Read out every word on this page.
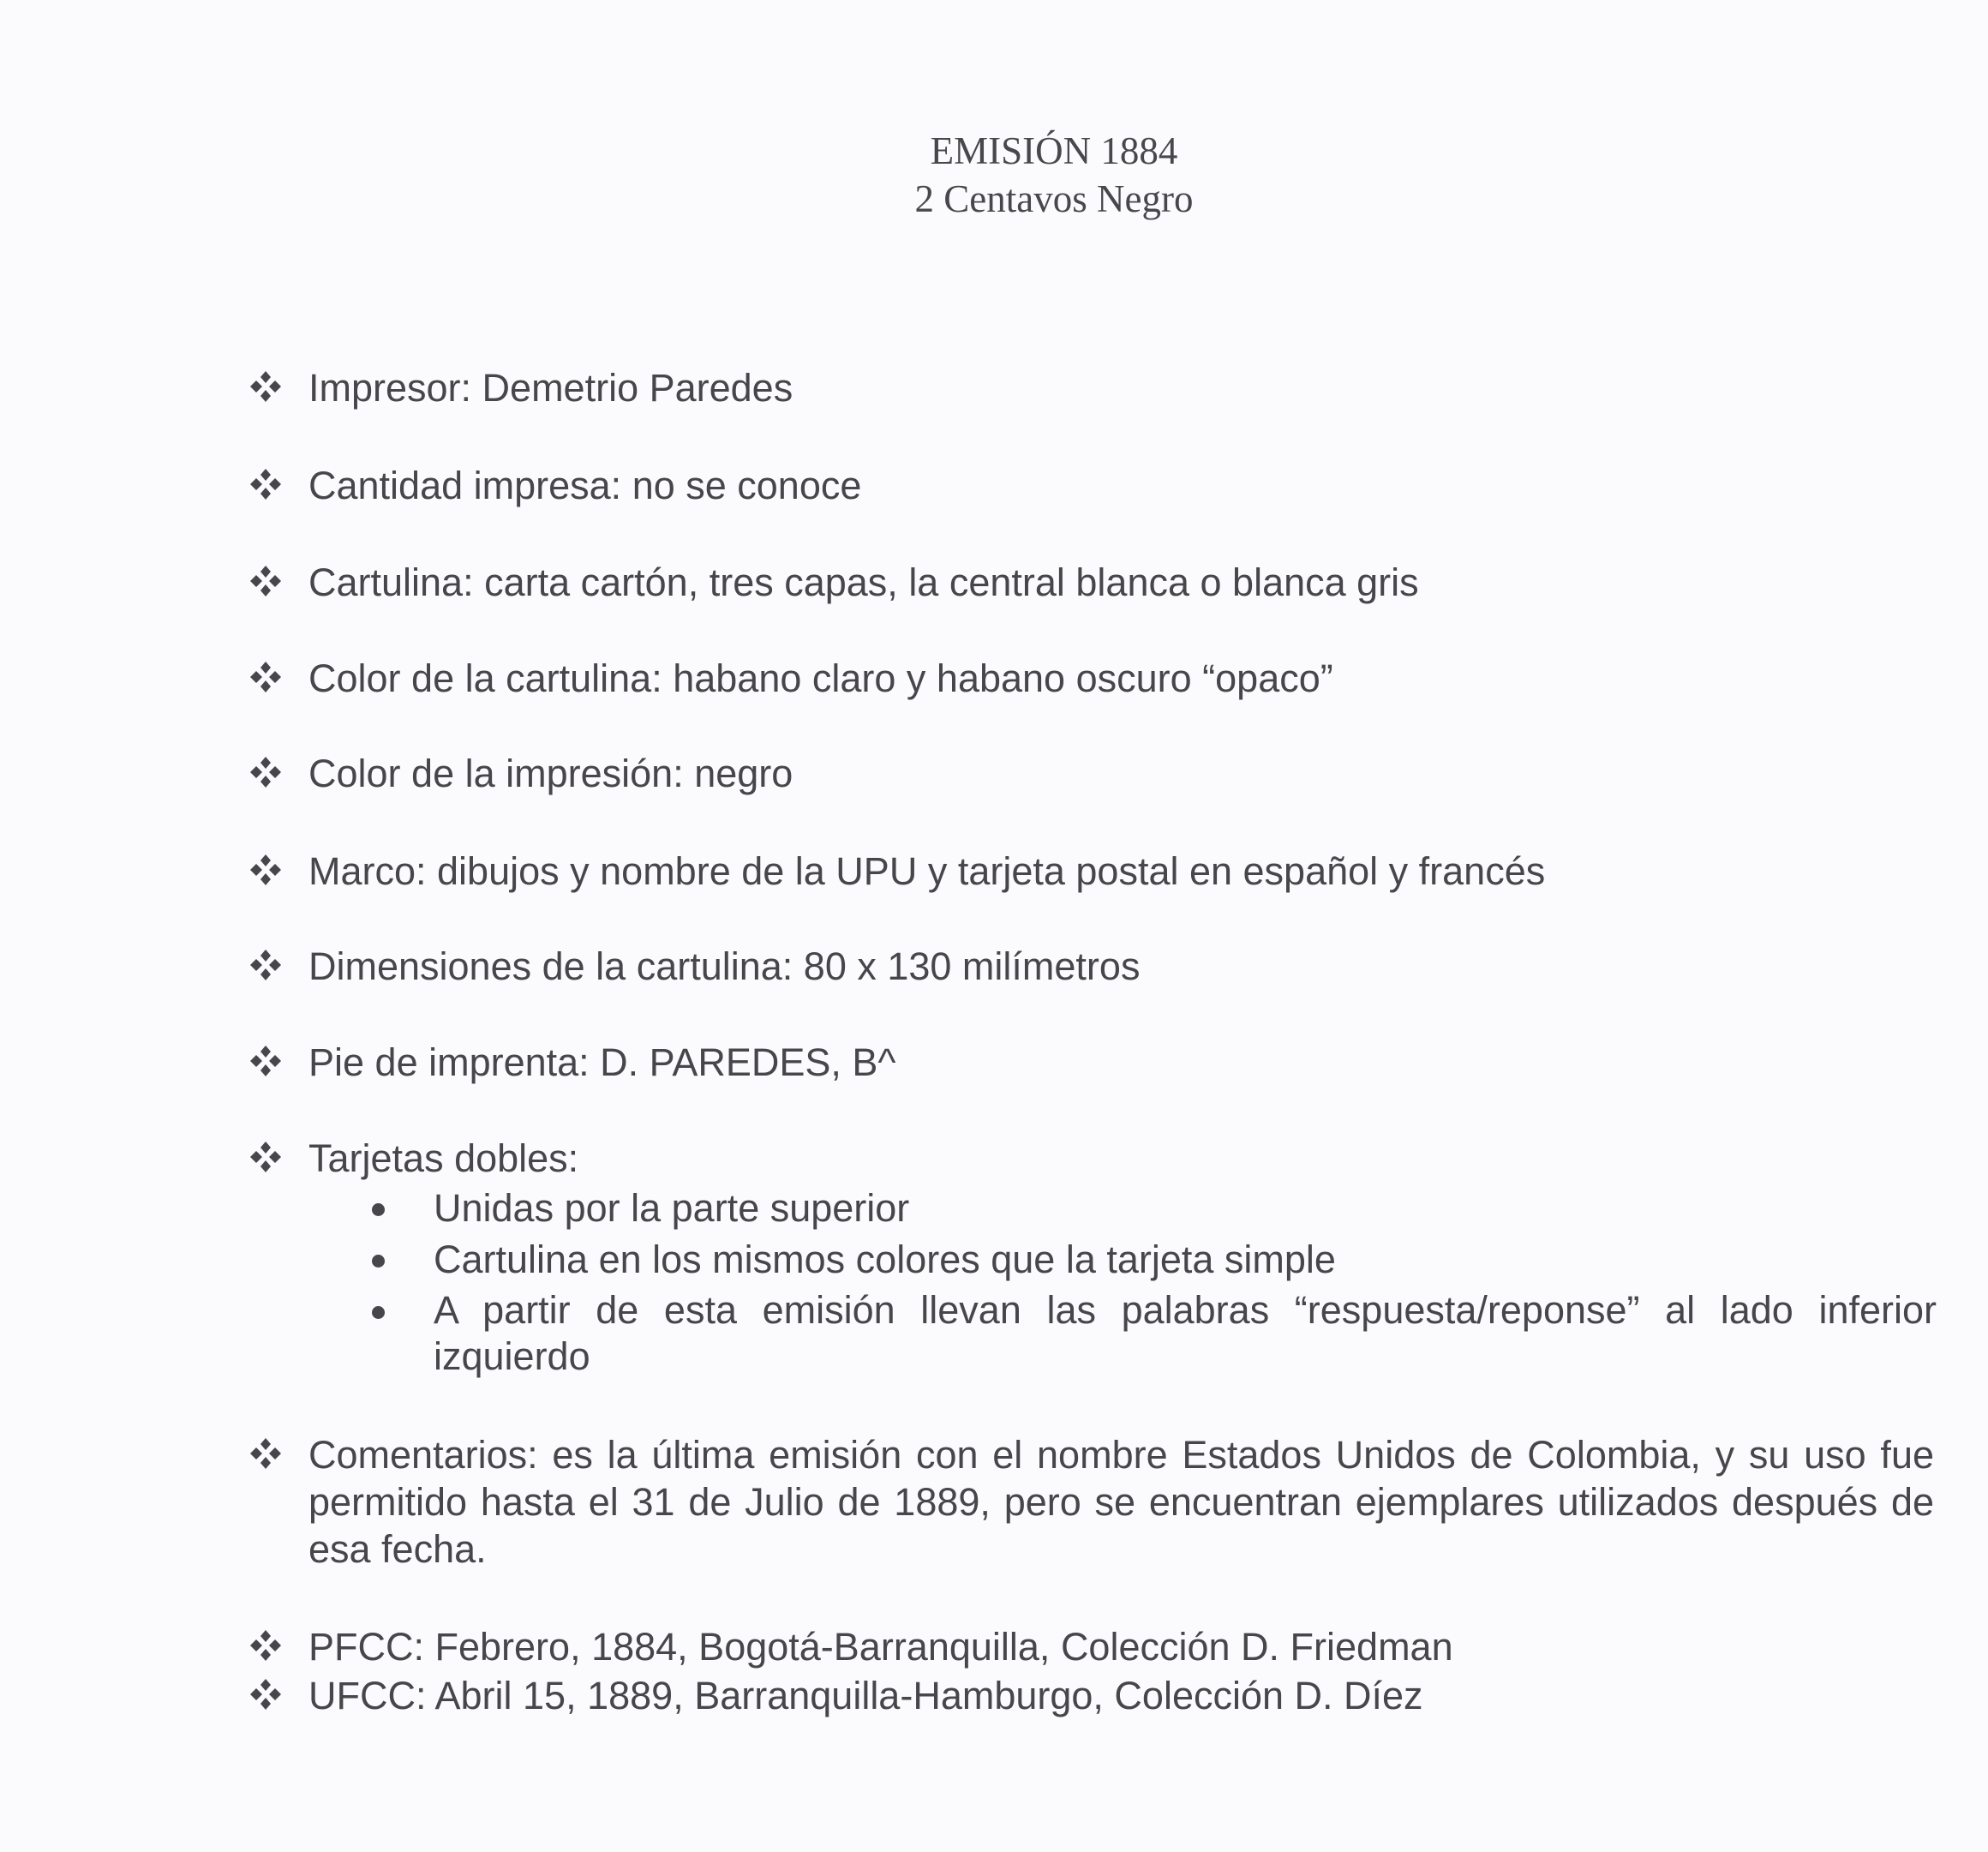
EMISIÓN 1884
2 Centavos Negro
Impresor: Demetrio Paredes
Cantidad impresa: no se conoce
Cartulina: carta cartón, tres capas, la central blanca o blanca gris
Color de la cartulina: habano claro y habano oscuro “opaco”
Color de la impresión: negro
Marco: dibujos y nombre de la UPU y tarjeta postal en español y francés
Dimensiones de la cartulina: 80 x 130 milímetros
Pie de imprenta: D. PAREDES, B^
Tarjetas dobles:
Unidas por la parte superior
Cartulina en los mismos colores que la tarjeta simple
A partir de esta emisión llevan las palabras “respuesta/reponse” al lado inferior izquierdo
Comentarios: es la última emisión con el nombre Estados Unidos de Colombia, y su uso fue permitido hasta el 31 de Julio de 1889, pero se encuentran ejemplares utilizados después de esa fecha.
PFCC: Febrero, 1884, Bogotá-Barranquilla, Colección D. Friedman
UFCC: Abril 15, 1889, Barranquilla-Hamburgo, Colección D. Díez
